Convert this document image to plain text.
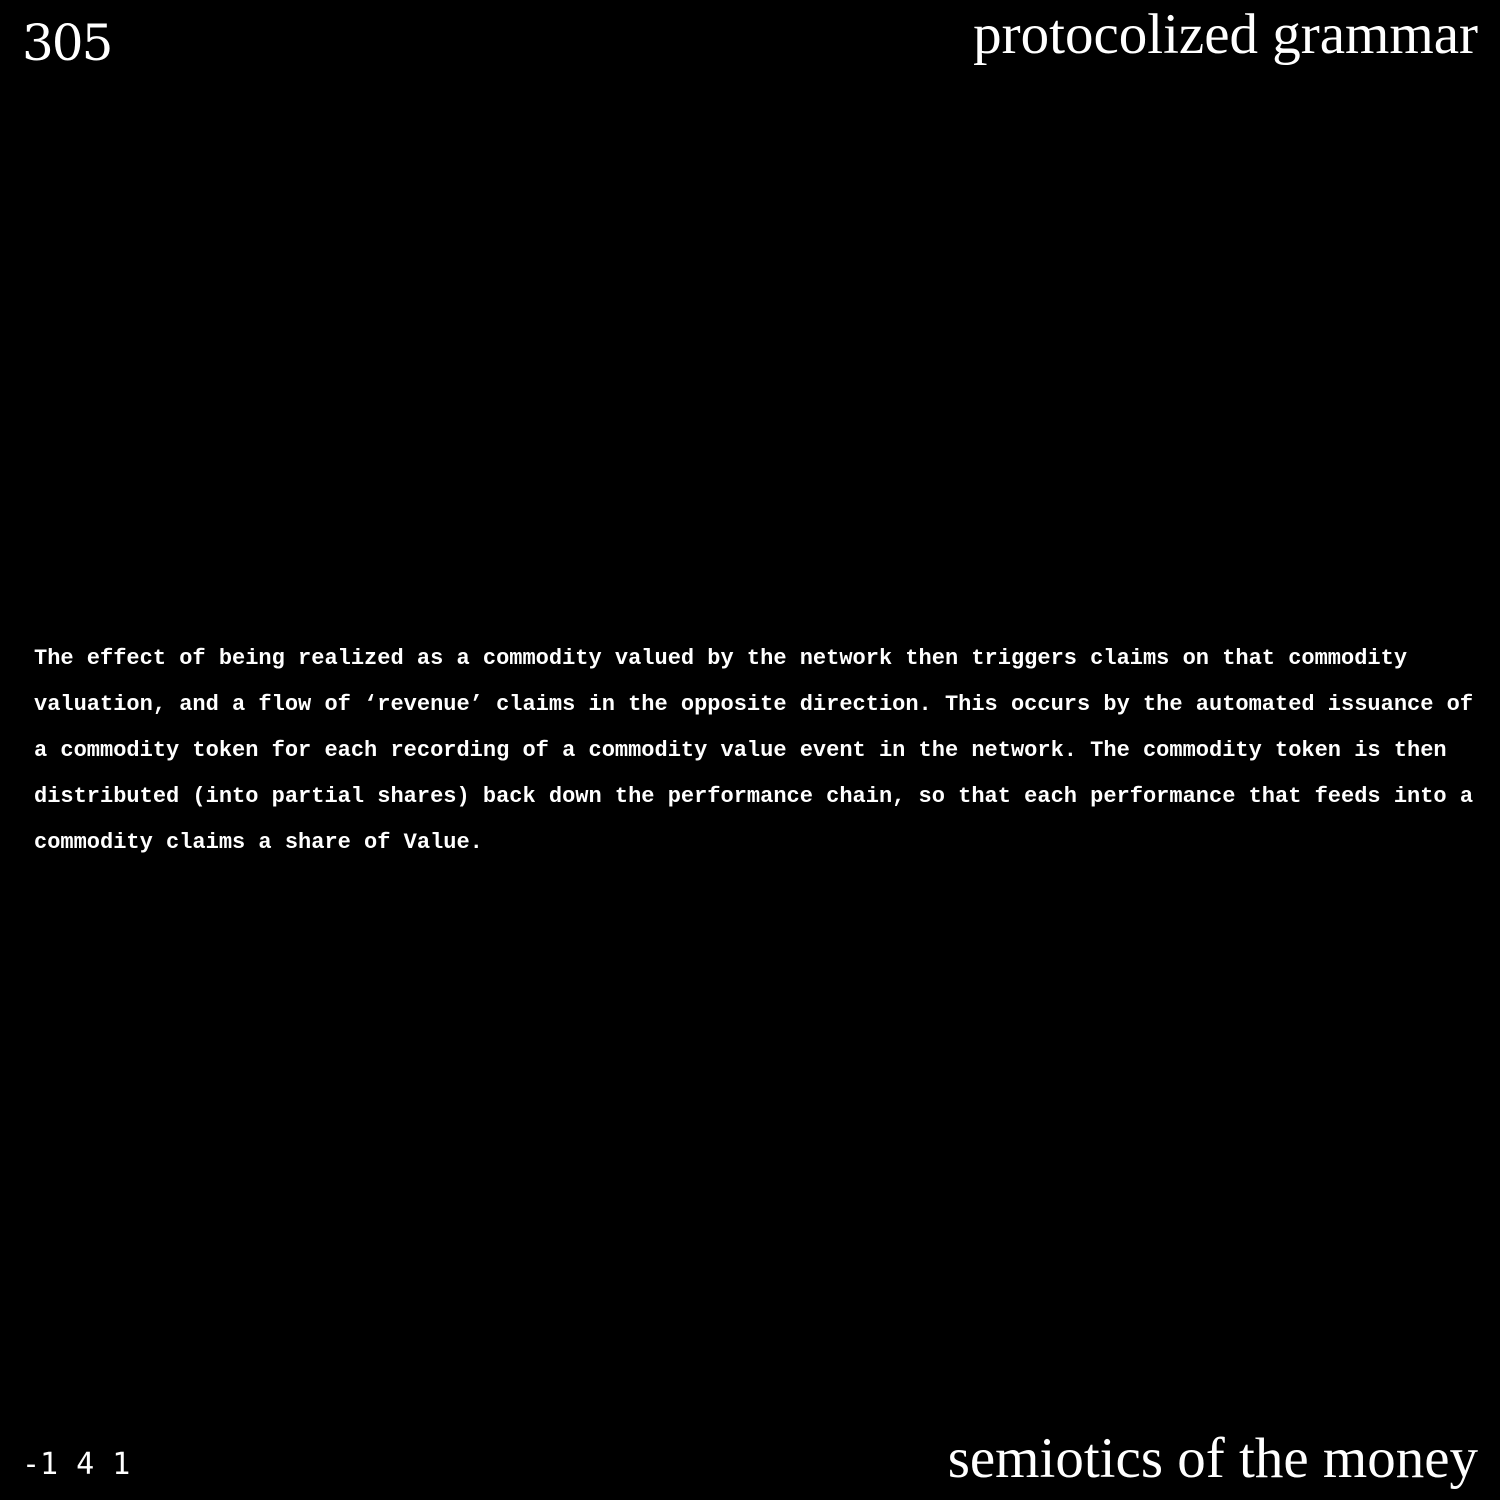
305	protocolized grammar

The effect of being realized as a commodity valued by the network then triggers claims on that commodity valuation, and a flow of ‘revenue’ claims in the opposite direction. This occurs by the automated issuance of a commodity token for each recording of a commodity value event in the network. The commodity token is then distributed (into partial shares) back down the performance chain, so that each performance that feeds into a commodity claims a share of Value.

-1 4 1	semiotics of the money
